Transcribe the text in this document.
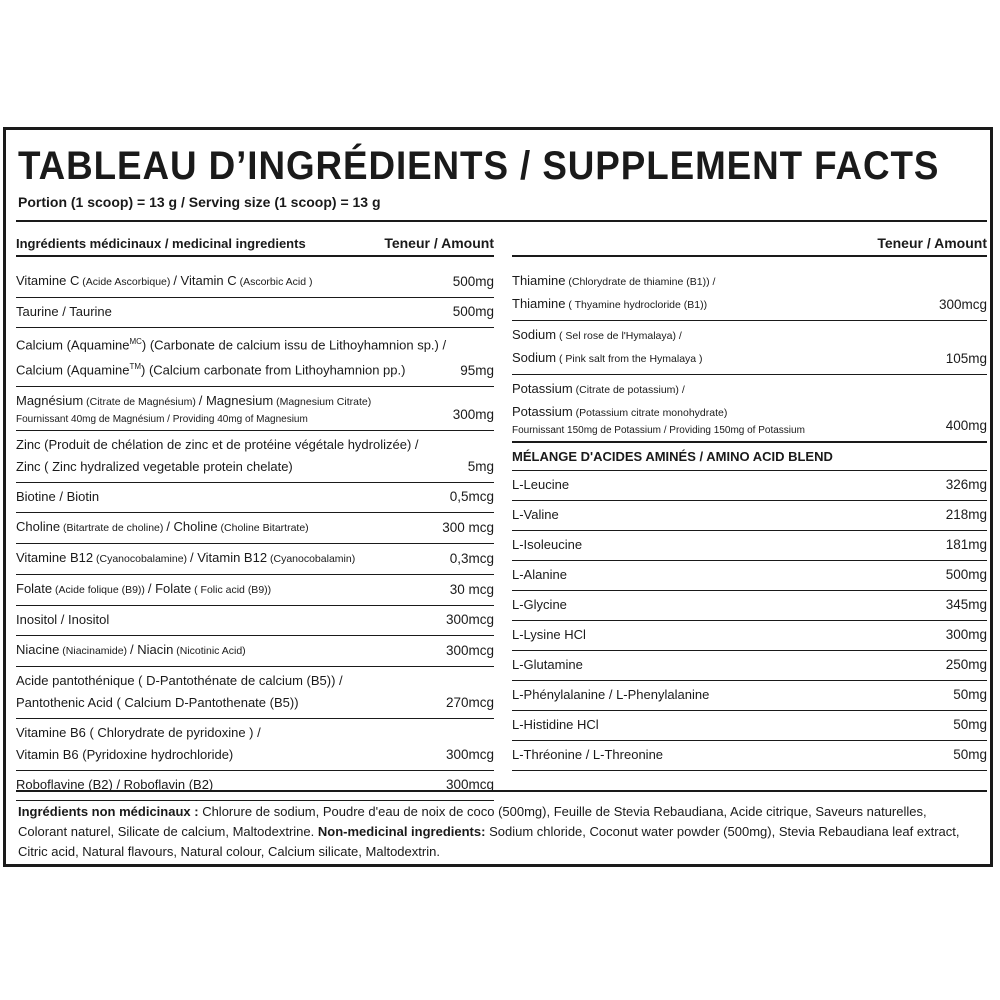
TABLEAU D’INGRÉDIENTS / SUPPLEMENT FACTS
Portion (1 scoop) = 13 g / Serving size (1 scoop) = 13 g
Ingrédients médicinaux / medicinal ingredients	Teneur / Amount
Vitamine C (Acide Ascorbique) / Vitamin C (Ascorbic Acid )	500mg
Taurine / Taurine	500mg
Calcium (Aquamine$^{MC}$) (Carbonate de calcium issu de Lithoyhamnion sp.) /
Calcium (Aquamine™) (Calcium carbonate from Lithoyhamnion pp.)	95mg
Magnésium (Citrate de Magnésium) / Magnesium (Magnesium Citrate)
Fournissant 40mg de Magnésium / Providing 40mg of Magnesium	300mg
Zinc (Produit de chélation de zinc et de protéine végétale hydrolizée) /
Zinc ( Zinc hydralized vegetable protein chelate)	5mg
Biotine / Biotin	0,5mcg
Choline (Bitartrate de choline) / Choline (Choline Bitartrate)	300 mcg
Vitamine B12 (Cyanocobalamine) / Vitamin B12 (Cyanocobalamin)	0,3mcg
Folate (Acide folique (B9)) / Folate ( Folic acid (B9))	30 mcg
Inositol / Inositol	300mcg
Niacine (Niacinamide) / Niacin (Nicotinic Acid)	300mcg
Acide pantothénique ( D-Pantothénate de calcium (B5)) /
Pantothenic Acid ( Calcium D-Pantothenate (B5))	270mcg
Vitamine B6 ( Chlorydrate de pyridoxine ) /
Vitamin B6 (Pyridoxine hydrochloride)	300mcg
Roboflavine (B2) / Roboflavin (B2)	300mcg
Teneur / Amount
Thiamine (Chlorydrate de thiamine (B1)) /
Thiamine ( Thyamine hydrocloride (B1))	300mcg
Sodium ( Sel rose de l'Hymalaya) /
Sodium ( Pink salt from the Hymalaya )	105mg
Potassium (Citrate de potassium) /
Potassium (Potassium citrate monohydrate)
Fournissant 150mg de Potassium / Providing 150mg of Potassium	400mg
MÉLANGE D'ACIDES AMINÉS / AMINO ACID BLEND
L-Leucine	326mg
L-Valine	218mg
L-Isoleucine	181mg
L-Alanine	500mg
L-Glycine	345mg
L-Lysine HCl	300mg
L-Glutamine	250mg
L-Phénylalanine / L-Phenylalanine	50mg
L-Histidine HCl	50mg
L-Thréonine / L-Threonine	50mg
Ingrédients non médicinaux : Chlorure de sodium, Poudre d'eau de noix de coco (500mg), Feuille de Stevia Rebaudiana, Acide citrique, Saveurs naturelles, Colorant naturel, Silicate de calcium, Maltodextrine. Non-medicinal ingredients: Sodium chloride, Coconut water powder (500mg), Stevia Rebaudiana leaf extract, Citric acid, Natural flavours, Natural colour, Calcium silicate, Maltodextrin.
